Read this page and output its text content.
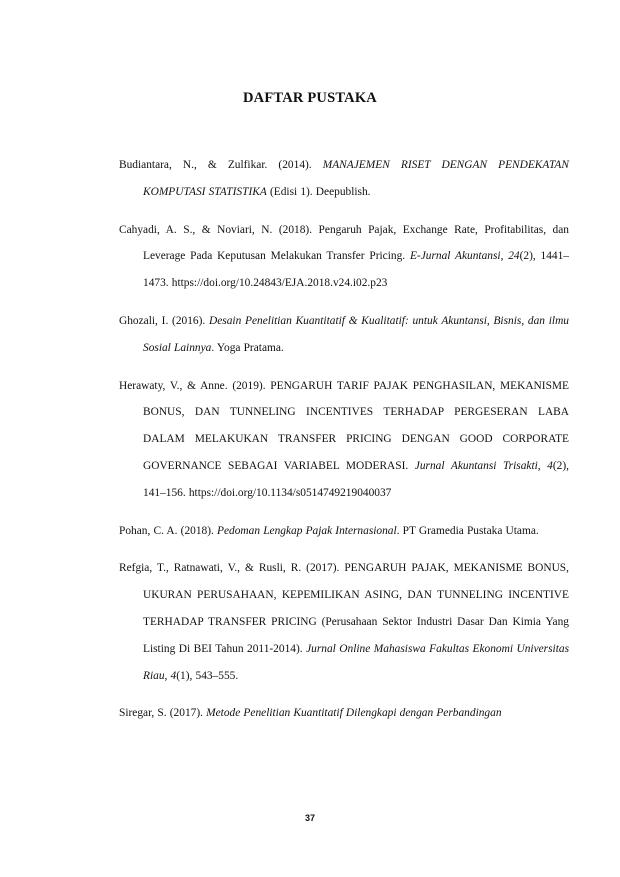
DAFTAR PUSTAKA

Budiantara, N., & Zulfikar. (2014). MANAJEMEN RISET DENGAN PENDEKATAN KOMPUTASI STATISTIKA (Edisi 1). Deepublish.

Cahyadi, A. S., & Noviari, N. (2018). Pengaruh Pajak, Exchange Rate, Profitabilitas, dan Leverage Pada Keputusan Melakukan Transfer Pricing. E-Jurnal Akuntansi, 24(2), 1441–1473. https://doi.org/10.24843/EJA.2018.v24.i02.p23

Ghozali, I. (2016). Desain Penelitian Kuantitatif & Kualitatif: untuk Akuntansi, Bisnis, dan ilmu Sosial Lainnya. Yoga Pratama.

Herawaty, V., & Anne. (2019). PENGARUH TARIF PAJAK PENGHASILAN, MEKANISME BONUS, DAN TUNNELING INCENTIVES TERHADAP PERGESERAN LABA DALAM MELAKUKAN TRANSFER PRICING DENGAN GOOD CORPORATE GOVERNANCE SEBAGAI VARIABEL MODERASI. Jurnal Akuntansi Trisakti, 4(2), 141–156. https://doi.org/10.1134/s0514749219040037

Pohan, C. A. (2018). Pedoman Lengkap Pajak Internasional. PT Gramedia Pustaka Utama.

Refgia, T., Ratnawati, V., & Rusli, R. (2017). PENGARUH PAJAK, MEKANISME BONUS, UKURAN PERUSAHAAN, KEPEMILIKAN ASING, DAN TUNNELING INCENTIVE TERHADAP TRANSFER PRICING (Perusahaan Sektor Industri Dasar Dan Kimia Yang Listing Di BEI Tahun 2011-2014). Jurnal Online Mahasiswa Fakultas Ekonomi Universitas Riau, 4(1), 543–555.

Siregar, S. (2017). Metode Penelitian Kuantitatif Dilengkapi dengan Perbandingan

37
